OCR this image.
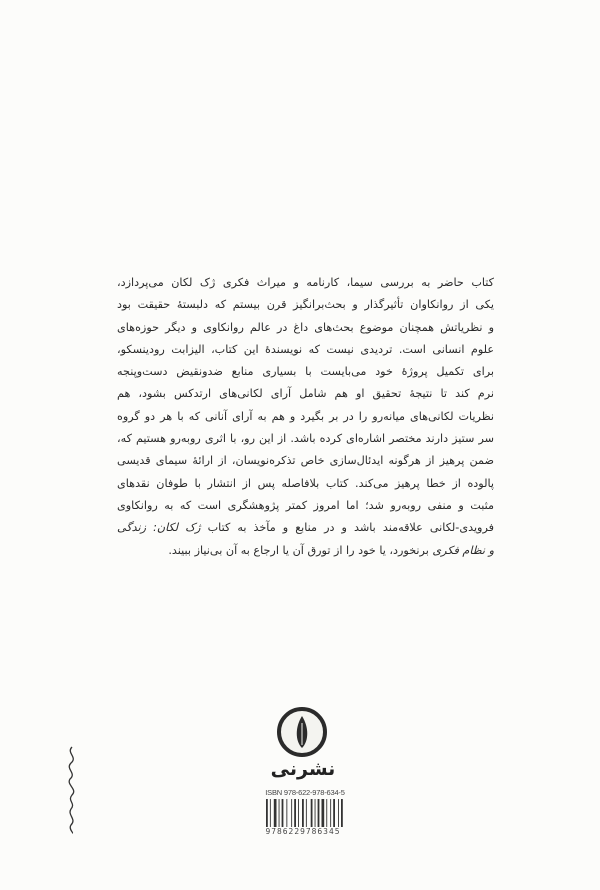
کتاب حاضر به بررسی سیما، کارنامه و میراث فکری ژک لکان می‌پردازد،
یکی از روانکاوان تأثیرگذار و بحث‌برانگیز قرن بیستم که دلبستهٔ حقیقت بود
و نظریاتش همچنان موضوع بحث‌های داغ در عالم روانکاوی و دیگر حوزه‌های
علوم انسانی است. تردیدی نیست که نویسندهٔ این کتاب، الیزابت رودینسکو،
برای تکمیل پروژهٔ خود می‌بایست با بسیاری منابع ضدونقیض دست‌وپنجه
نرم کند تا نتیجهٔ تحقیق او هم شامل آرای لکانی‌های ارتدکس بشود، هم
نظریات لکانی‌های میانه‌رو را در بر بگیرد و هم به آرای آنانی که با هر دو گروه
سر ستیز دارند مختصر اشاره‌ای کرده باشد. از این رو، با اثری روبه‌رو هستیم که،
ضمن پرهیز از هرگونه ایدئال‌سازی خاص تذکره‌نویسان، از ارائهٔ سیمای قدیسی
پالوده از خطا پرهیز می‌کند. کتاب بلافاصله پس از انتشار با طوفان نقدهای
مثبت و منفی روبه‌رو شد؛ اما امروز کمتر پژوهشگری است که به روانکاوی
فرویدی-لکانی علاقه‌مند باشد و در منابع و مآخذ به کتاب ژک لکان: زندگی
و نظام فکری برنخورد، یا خود را از تورق آن یا ارجاع به آن بی‌نیاز ببیند.
نشرنی
ISBN 978-622-978-634-5
9786229786345
